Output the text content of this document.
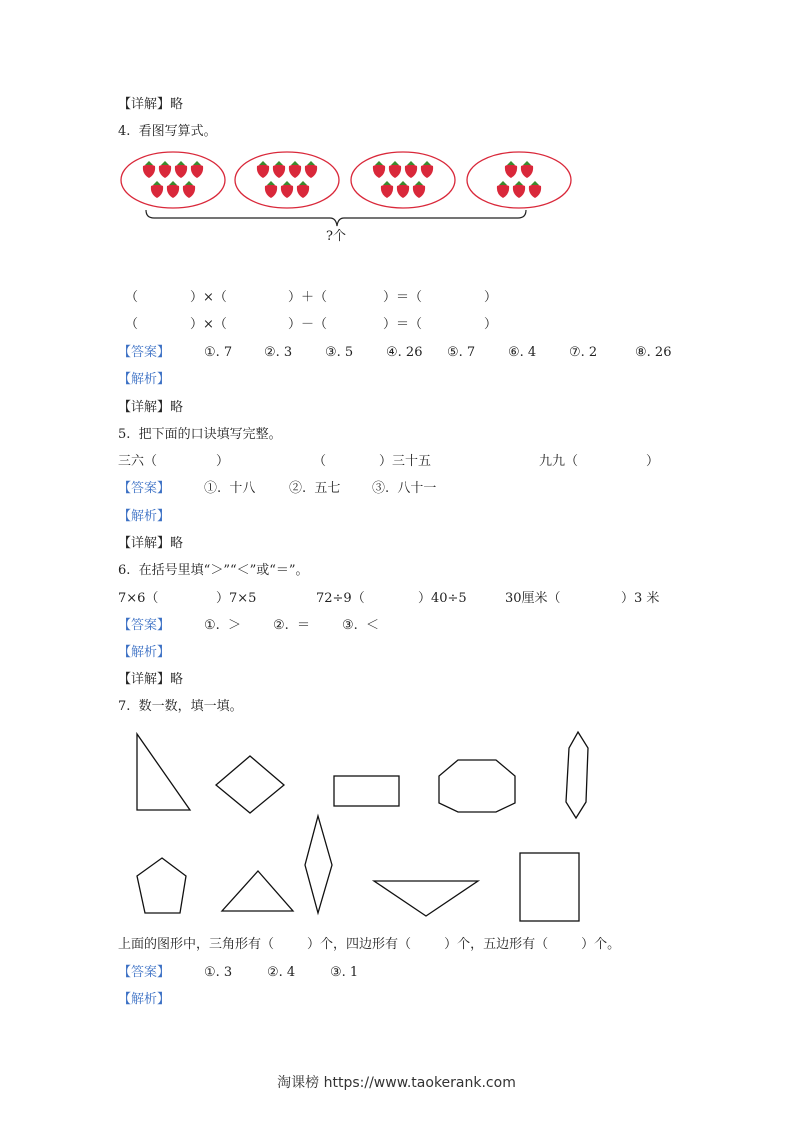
【详解】略
4.  看图写算式。
?个
（	）×（	）＋（	）＝（	）
（	）×（	）－（	）＝（	）
【答案】	①. 7 ②. 3	③. 5	④. 26 ⑤. 7	⑥. 4	⑦. 2	⑧. 26
【解析】
【详解】略
5.  把下面的口诀填写完整。
三六（	）	（	）三十五	九九（	）
【答案】	①.  十八	②.  五七 ③.  八十一
【解析】
【详解】略
6.  在括号里填“＞”“＜”或“＝”。
7×6（	）7×5	72÷9（	）40÷5	30厘米（	）3 米
【答案】	①.  ＞ ②.  ＝ ③.  ＜
【解析】
【详解】略
7.  数一数，填一填。
上面的图形中，三角形有（        ）个，四边形有（        ）个，五边形有（        ）个。
【答案】	①. 3	②. 4	③. 1
【解析】
淘课榜 https://www.taokerank.com
